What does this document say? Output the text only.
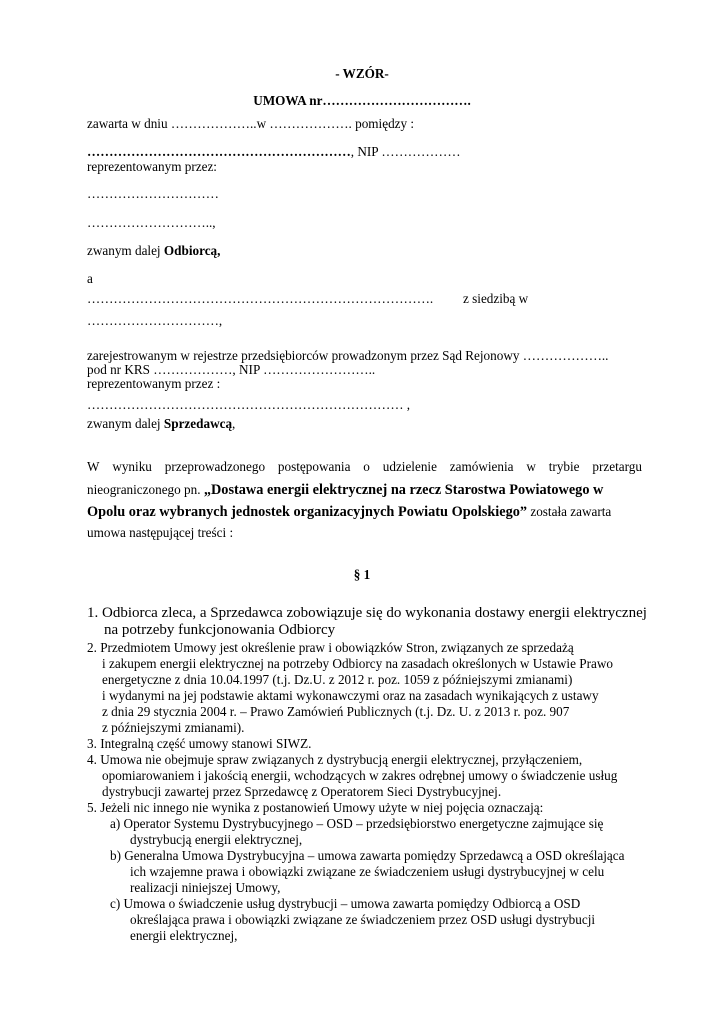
- WZÓR-
UMOWA nr…………………………….
zawarta w dniu ………………..w ………………. pomiędzy :
……………………………………………………, NIP ………………
reprezentowanym przez:
…………………………
………………………..,
zwanym dalej Odbiorcą,
a
……………………………………………………………………. z siedzibą w
…………………………,
zarejestrowanym w rejestrze przedsiębiorców prowadzonym przez Sąd Rejonowy ………………..
pod nr KRS ………………, NIP ……………………..
reprezentowanym przez :
……………………………………………………………… ,
zwanym dalej Sprzedawcą,
W wyniku przeprowadzonego postępowania o udzielenie zamówienia w trybie przetargu
nieograniczonego pn. „Dostawa energii elektrycznej na rzecz Starostwa Powiatowego w
Opolu oraz wybranych jednostek organizacyjnych Powiatu Opolskiego” została zawarta
umowa następującej treści :
§ 1
1. Odbiorca zleca, a Sprzedawca zobowiązuje się do wykonania dostawy energii elektrycznej
na potrzeby funkcjonowania Odbiorcy
2. Przedmiotem Umowy jest określenie praw i obowiązków Stron, związanych ze sprzedażą
i zakupem energii elektrycznej na potrzeby Odbiorcy na zasadach określonych w Ustawie Prawo
energetyczne z dnia 10.04.1997 (t.j. Dz.U. z 2012 r. poz. 1059 z późniejszymi zmianami)
i wydanymi na jej podstawie aktami wykonawczymi oraz na zasadach wynikających z ustawy
z dnia 29 stycznia 2004 r. – Prawo Zamówień Publicznych (t.j. Dz. U. z 2013 r. poz. 907
z późniejszymi zmianami).
3. Integralną część umowy stanowi SIWZ.
4. Umowa nie obejmuje spraw związanych z dystrybucją energii elektrycznej, przyłączeniem,
opomiarowaniem i jakością energii, wchodzących w zakres odrębnej umowy o świadczenie usług
dystrybucji zawartej przez Sprzedawcę z Operatorem Sieci Dystrybucyjnej.
5. Jeżeli nic innego nie wynika z postanowień Umowy użyte w niej pojęcia oznaczają:
a) Operator Systemu Dystrybucyjnego – OSD – przedsiębiorstwo energetyczne zajmujące się
dystrybucją energii elektrycznej,
b) Generalna Umowa Dystrybucyjna – umowa zawarta pomiędzy Sprzedawcą a OSD określająca
ich wzajemne prawa i obowiązki związane ze świadczeniem usługi dystrybucyjnej w celu
realizacji niniejszej Umowy,
c) Umowa o świadczenie usług dystrybucji – umowa zawarta pomiędzy Odbiorcą a OSD
określająca prawa i obowiązki związane ze świadczeniem przez OSD usługi dystrybucji
energii elektrycznej,
